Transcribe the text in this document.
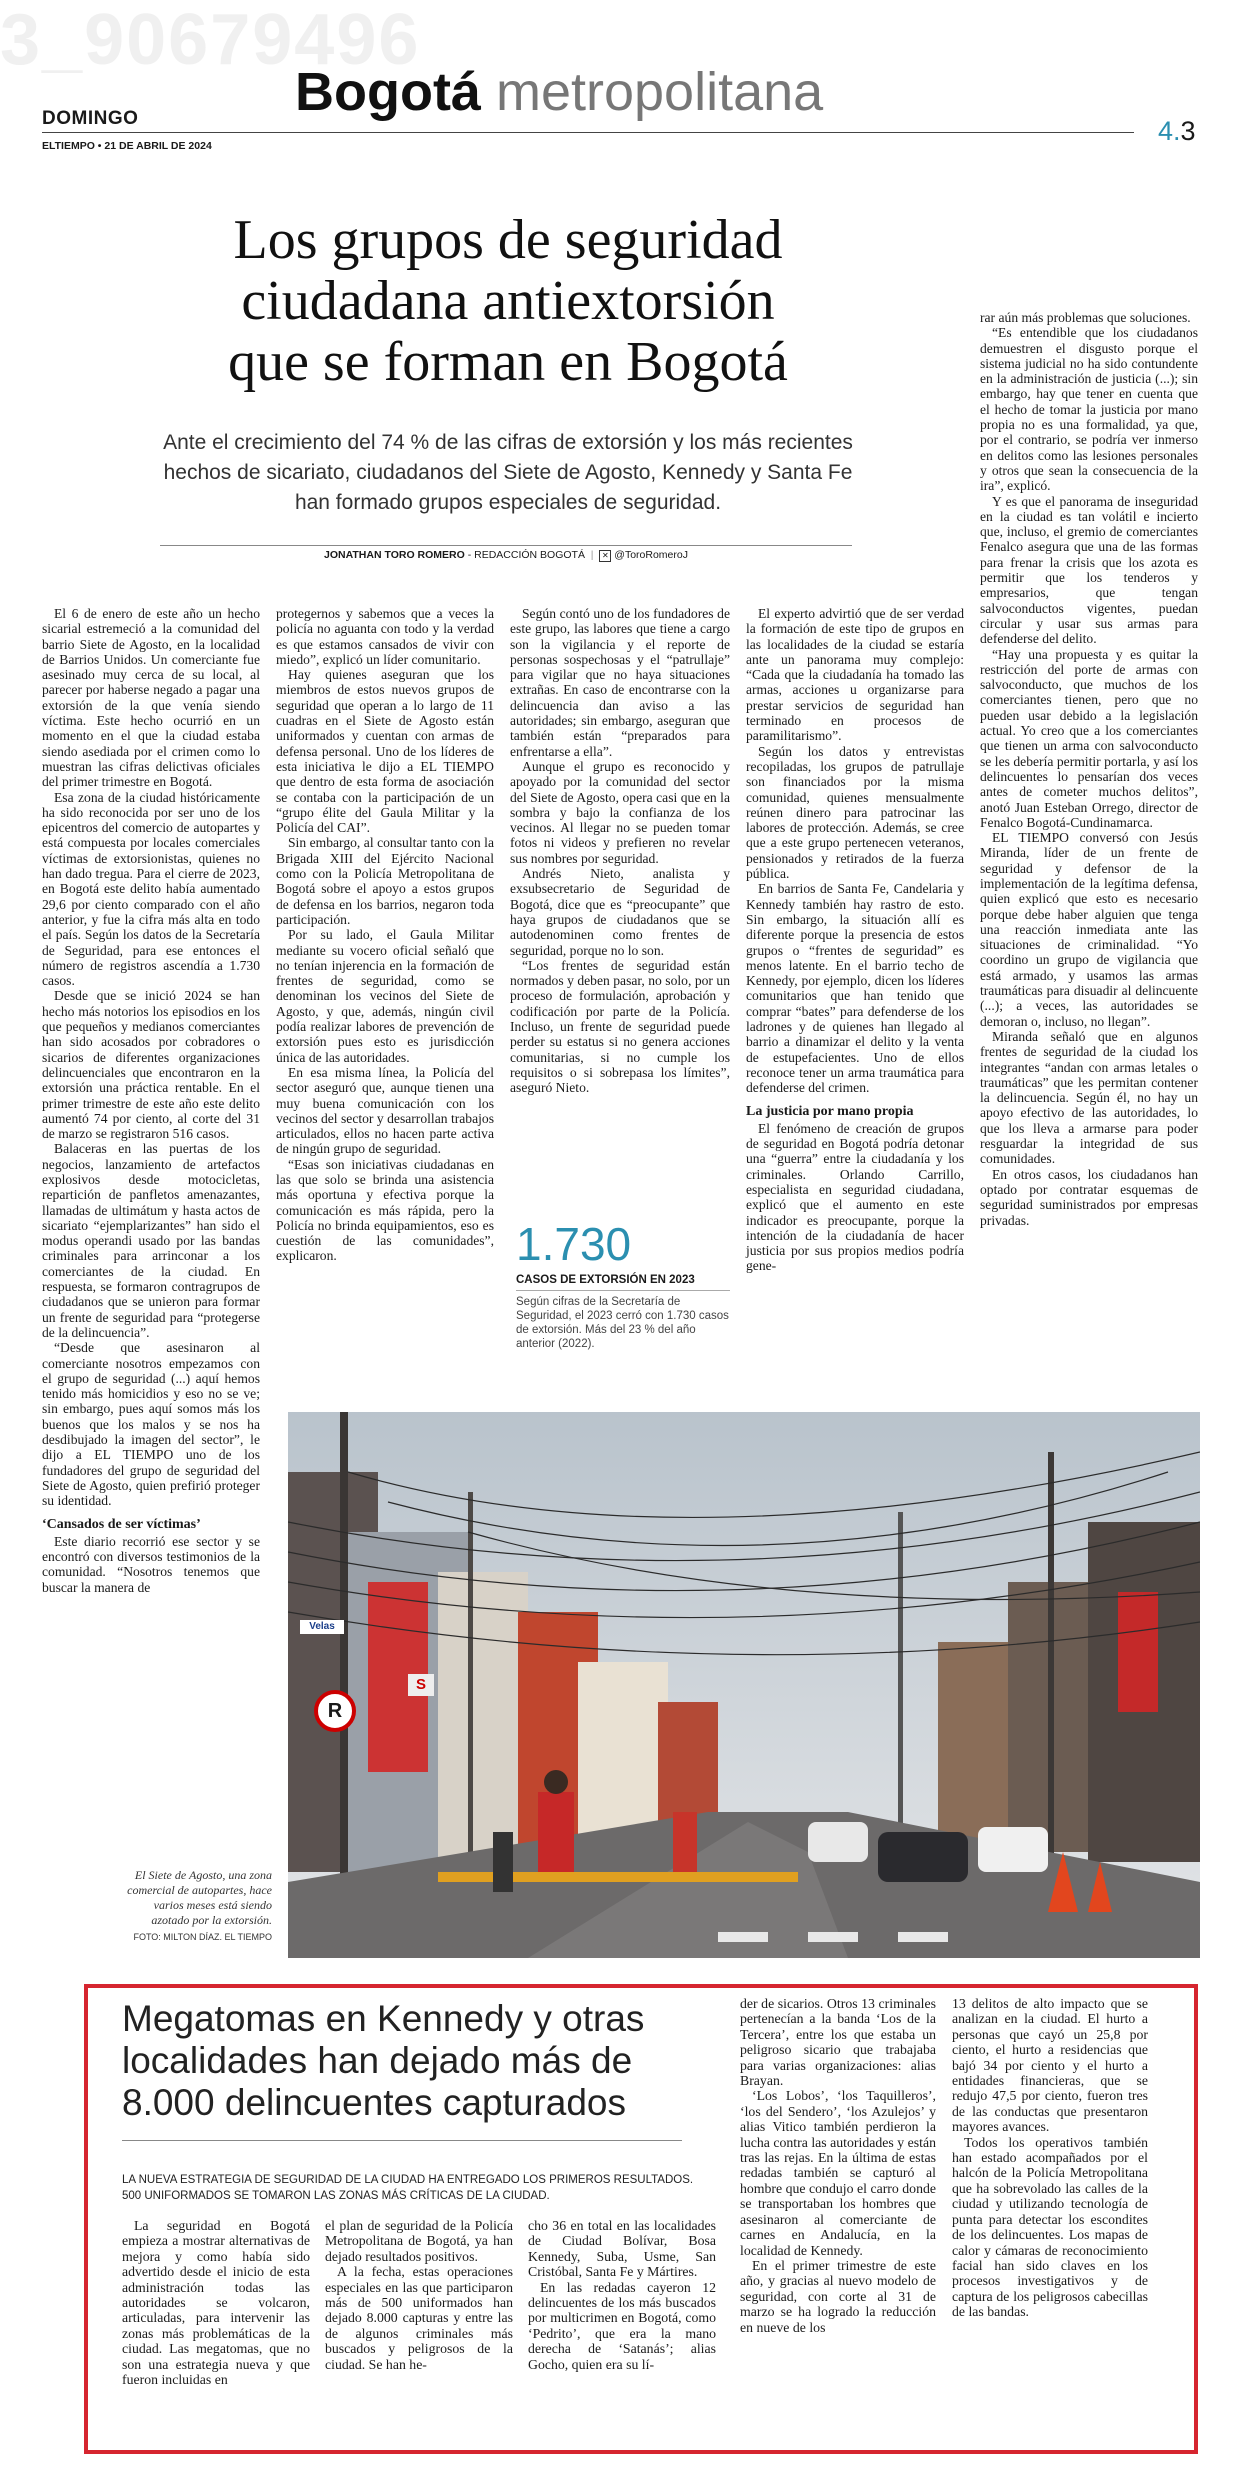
3_90679496
DOMINGO
ELTIEMPO • 21 DE ABRIL DE 2024
Bogotá metropolitana
4.3
Los grupos de seguridad
ciudadana antiextorsión
que se forman en Bogotá
Ante el crecimiento del 74 % de las cifras de extorsión y los más recientes hechos de sicariato, ciudadanos del Siete de Agosto, Kennedy y Santa Fe han formado grupos especiales de seguridad.
JONATHAN TORO ROMERO - REDACCIÓN BOGOTÁ  |  ✕ @ToroRomeroJ

El 6 de enero de este año un hecho sicarial estremeció a la comunidad del barrio Siete de Agosto, en la localidad de Barrios Unidos. Un comerciante fue asesinado muy cerca de su local, al parecer por haberse negado a pagar una extorsión de la que venía siendo víctima. Este hecho ocurrió en un momento en el que la ciudad estaba siendo asediada por el crimen como lo muestran las cifras delictivas oficiales del primer trimestre en Bogotá.

Esa zona de la ciudad históricamente ha sido reconocida por ser uno de los epicentros del comercio de autopartes y está compuesta por locales comerciales víctimas de extorsionistas, quienes no han dado tregua. Para el cierre de 2023, en Bogotá este delito había aumentado 29,6 por ciento comparado con el año anterior, y fue la cifra más alta en todo el país. Según los datos de la Secretaría de Seguridad, para ese entonces el número de registros ascendía a 1.730 casos.

Desde que se inició 2024 se han hecho más notorios los episodios en los que pequeños y medianos comerciantes han sido acosados por cobradores o sicarios de diferentes organizaciones delincuenciales que encontraron en la extorsión una práctica rentable. En el primer trimestre de este año este delito aumentó 74 por ciento, al corte del 31 de marzo se registraron 516 casos.

Balaceras en las puertas de los negocios, lanzamiento de artefactos explosivos desde motocicletas, repartición de panfletos amenazantes, llamadas de ultimátum y hasta actos de sicariato “ejemplarizantes” han sido el modus operandi usado por las bandas criminales para arrinconar a los comerciantes de la ciudad. En respuesta, se formaron contragrupos de ciudadanos que se unieron para formar un frente de seguridad para “protegerse de la delincuencia”.

“Desde que asesinaron al comerciante nosotros empezamos con el grupo de seguridad (...) aquí hemos tenido más homicidios y eso no se ve; sin embargo, pues aquí somos más los buenos que los malos y se nos ha desdibujado la imagen del sector”, le dijo a EL TIEMPO uno de los fundadores del grupo de seguridad del Siete de Agosto, quien prefirió proteger su identidad.

‘Cansados de ser víctimas’

Este diario recorrió ese sector y se encontró con diversos testimonios de la comunidad. “Nosotros tenemos que buscar la manera de

protegernos y sabemos que a veces la policía no aguanta con todo y la verdad es que estamos cansados de vivir con miedo”, explicó un líder comunitario.

Hay quienes aseguran que los miembros de estos nuevos grupos de seguridad que operan a lo largo de 11 cuadras en el Siete de Agosto están uniformados y cuentan con armas de defensa personal. Uno de los líderes de esta iniciativa le dijo a EL TIEMPO que dentro de esta forma de asociación se contaba con la participación de un “grupo élite del Gaula Militar y la Policía del CAI”.

Sin embargo, al consultar tanto con la Brigada XIII del Ejército Nacional como con la Policía Metropolitana de Bogotá sobre el apoyo a estos grupos de defensa en los barrios, negaron toda participación.

Por su lado, el Gaula Militar mediante su vocero oficial señaló que no tenían injerencia en la formación de frentes de seguridad, como se denominan los vecinos del Siete de Agosto, y que, además, ningún civil podía realizar labores de prevención de extorsión pues esto es jurisdicción única de las autoridades.

En esa misma línea, la Policía del sector aseguró que, aunque tienen una muy buena comunicación con los vecinos del sector y desarrollan trabajos articulados, ellos no hacen parte activa de ningún grupo de seguridad.

“Esas son iniciativas ciudadanas en las que solo se brinda una asistencia más oportuna y efectiva porque la comunicación es más rápida, pero la Policía no brinda equipamientos, eso es cuestión de las comunidades”, explicaron.

Según contó uno de los fundadores de este grupo, las labores que tiene a cargo son la vigilancia y el reporte de personas sospechosas y el “patrullaje” para vigilar que no haya situaciones extrañas. En caso de encontrarse con la delincuencia dan aviso a las autoridades; sin embargo, aseguran que también están “preparados para enfrentarse a ella”.

Aunque el grupo es reconocido y apoyado por la comunidad del sector del Siete de Agosto, opera casi que en la sombra y bajo la confianza de los vecinos. Al llegar no se pueden tomar fotos ni videos y prefieren no revelar sus nombres por seguridad.

Andrés Nieto, analista y exsubsecretario de Seguridad de Bogotá, dice que es “preocupante” que haya grupos de ciudadanos que se autodenominen como frentes de seguridad, porque no lo son.

“Los frentes de seguridad están normados y deben pasar, no solo, por un proceso de formulación, aprobación y codificación por parte de la Policía. Incluso, un frente de seguridad puede perder su estatus si no genera acciones comunitarias, si no cumple los requisitos o si sobrepasa los límites”, aseguró Nieto.

1.730
CASOS DE EXTORSIÓN EN 2023
Según cifras de la Secretaría de Seguridad, el 2023 cerró con 1.730 casos de extorsión. Más del 23 % del año anterior (2022).

El experto advirtió que de ser verdad la formación de este tipo de grupos en las localidades de la ciudad se estaría ante un panorama muy complejo: “Cada que la ciudadanía ha tomado las armas, acciones u organizarse para prestar servicios de seguridad han terminado en procesos de paramilitarismo”.

Según los datos y entrevistas recopiladas, los grupos de patrullaje son financiados por la misma comunidad, quienes mensualmente reúnen dinero para patrocinar las labores de protección. Además, se cree que a este grupo pertenecen veteranos, pensionados y retirados de la fuerza pública.

En barrios de Santa Fe, Candelaria y Kennedy también hay rastro de esto. Sin embargo, la situación allí es diferente porque la presencia de estos grupos o “frentes de seguridad” es menos latente. En el barrio techo de Kennedy, por ejemplo, dicen los líderes comunitarios que han tenido que comprar “bates” para defenderse de los ladrones y de quienes han llegado al barrio a dinamizar el delito y la venta de estupefacientes. Uno de ellos reconoce tener un arma traumática para defenderse del crimen.

La justicia por mano propia

El fenómeno de creación de grupos de seguridad en Bogotá podría detonar una “guerra” entre la ciudadanía y los criminales. Orlando Carrillo, especialista en seguridad ciudadana, explicó que el aumento en este indicador es preocupante, porque la intención de la ciudadanía de hacer justicia por sus propios medios podría gene-

rar aún más problemas que soluciones.

“Es entendible que los ciudadanos demuestren el disgusto porque el sistema judicial no ha sido contundente en la administración de justicia (...); sin embargo, hay que tener en cuenta que el hecho de tomar la justicia por mano propia no es una formalidad, ya que, por el contrario, se podría ver inmerso en delitos como las lesiones personales y otros que sean la consecuencia de la ira”, explicó.

Y es que el panorama de inseguridad en la ciudad es tan volátil e incierto que, incluso, el gremio de comerciantes Fenalco asegura que una de las formas para frenar la crisis que los azota es permitir que los tenderos y empresarios, que tengan salvoconductos vigentes, puedan circular y usar sus armas para defenderse del delito.

“Hay una propuesta y es quitar la restricción del porte de armas con salvoconducto, que muchos de los comerciantes tienen, pero que no pueden usar debido a la legislación actual. Yo creo que a los comerciantes que tienen un arma con salvoconducto se les debería permitir portarla, y así los delincuentes lo pensarían dos veces antes de cometer muchos delitos”, anotó Juan Esteban Orrego, director de Fenalco Bogotá-Cundinamarca.

EL TIEMPO conversó con Jesús Miranda, líder de un frente de seguridad y defensor de la implementación de la legítima defensa, quien explicó que esto es necesario porque debe haber alguien que tenga una reacción inmediata ante las situaciones de criminalidad. “Yo coordino un grupo de vigilancia que está armado, y usamos las armas traumáticas para disuadir al delincuente (...); a veces, las autoridades se demoran o, incluso, no llegan”.

Miranda señaló que en algunos frentes de seguridad de la ciudad los integrantes “andan con armas letales o traumáticas” que les permitan contener la delincuencia. Según él, no hay un apoyo efectivo de las autoridades, lo que los lleva a armarse para poder resguardar la integridad de sus comunidades.

En otros casos, los ciudadanos han optado por contratar esquemas de seguridad suministrados por empresas privadas.

R
S
Velas
El Siete de Agosto, una zona comercial de autopartes, hace varios meses está siendo azotado por la extorsión.
FOTO: MILTON DÍAZ. EL TIEMPO
Megatomas en Kennedy y otras localidades han dejado más de 8.000 delincuentes capturados
LA NUEVA ESTRATEGIA DE SEGURIDAD DE LA CIUDAD HA ENTREGADO LOS PRIMEROS RESULTADOS. 500 UNIFORMADOS SE TOMARON LAS ZONAS MÁS CRÍTICAS DE LA CIUDAD.

La seguridad en Bogotá empieza a mostrar alternativas de mejora y como había sido advertido desde el inicio de esta administración todas las autoridades se volcaron, articuladas, para intervenir las zonas más problemáticas de la ciudad. Las megatomas, que no son una estrategia nueva y que fueron incluidas en

el plan de seguridad de la Policía Metropolitana de Bogotá, ya han dejado resultados positivos.

A la fecha, estas operaciones especiales en las que participaron más de 500 uniformados han dejado 8.000 capturas y entre las de algunos criminales más buscados y peligrosos de la ciudad. Se han he-

cho 36 en total en las localidades de Ciudad Bolívar, Bosa Kennedy, Suba, Usme, San Cristóbal, Santa Fe y Mártires.

En las redadas cayeron 12 delincuentes de los más buscados por multicrimen en Bogotá, como ‘Pedrito’, que era la mano derecha de ‘Satanás’; alias Gocho, quien era su lí-

der de sicarios. Otros 13 criminales pertenecían a la banda ‘Los de la Tercera’, entre los que estaba un peligroso sicario que trabajaba para varias organizaciones: alias Brayan.

‘Los Lobos’, ‘los Taquilleros’, ‘los del Sendero’, ‘los Azulejos’ y alias Vitico también perdieron la lucha contra las autoridades y están tras las rejas. En la última de estas redadas también se capturó al hombre que condujo el carro donde se transportaban los hombres que asesinaron al comerciante de carnes en Andalucía, en la localidad de Kennedy.

En el primer trimestre de este año, y gracias al nuevo modelo de seguridad, con corte al 31 de marzo se ha logrado la reducción en nueve de los

13 delitos de alto impacto que se analizan en la ciudad. El hurto a personas que cayó un 25,8 por ciento, el hurto a residencias que bajó 34 por ciento y el hurto a entidades financieras, que se redujo 47,5 por ciento, fueron tres de las conductas que presentaron mayores avances.

Todos los operativos también han estado acompañados por el halcón de la Policía Metropolitana que ha sobrevolado las calles de la ciudad y utilizando tecnología de punta para detectar los escondites de los delincuentes. Los mapas de calor y cámaras de reconocimiento facial han sido claves en los procesos investigativos y de captura de los peligrosos cabecillas de las bandas.
